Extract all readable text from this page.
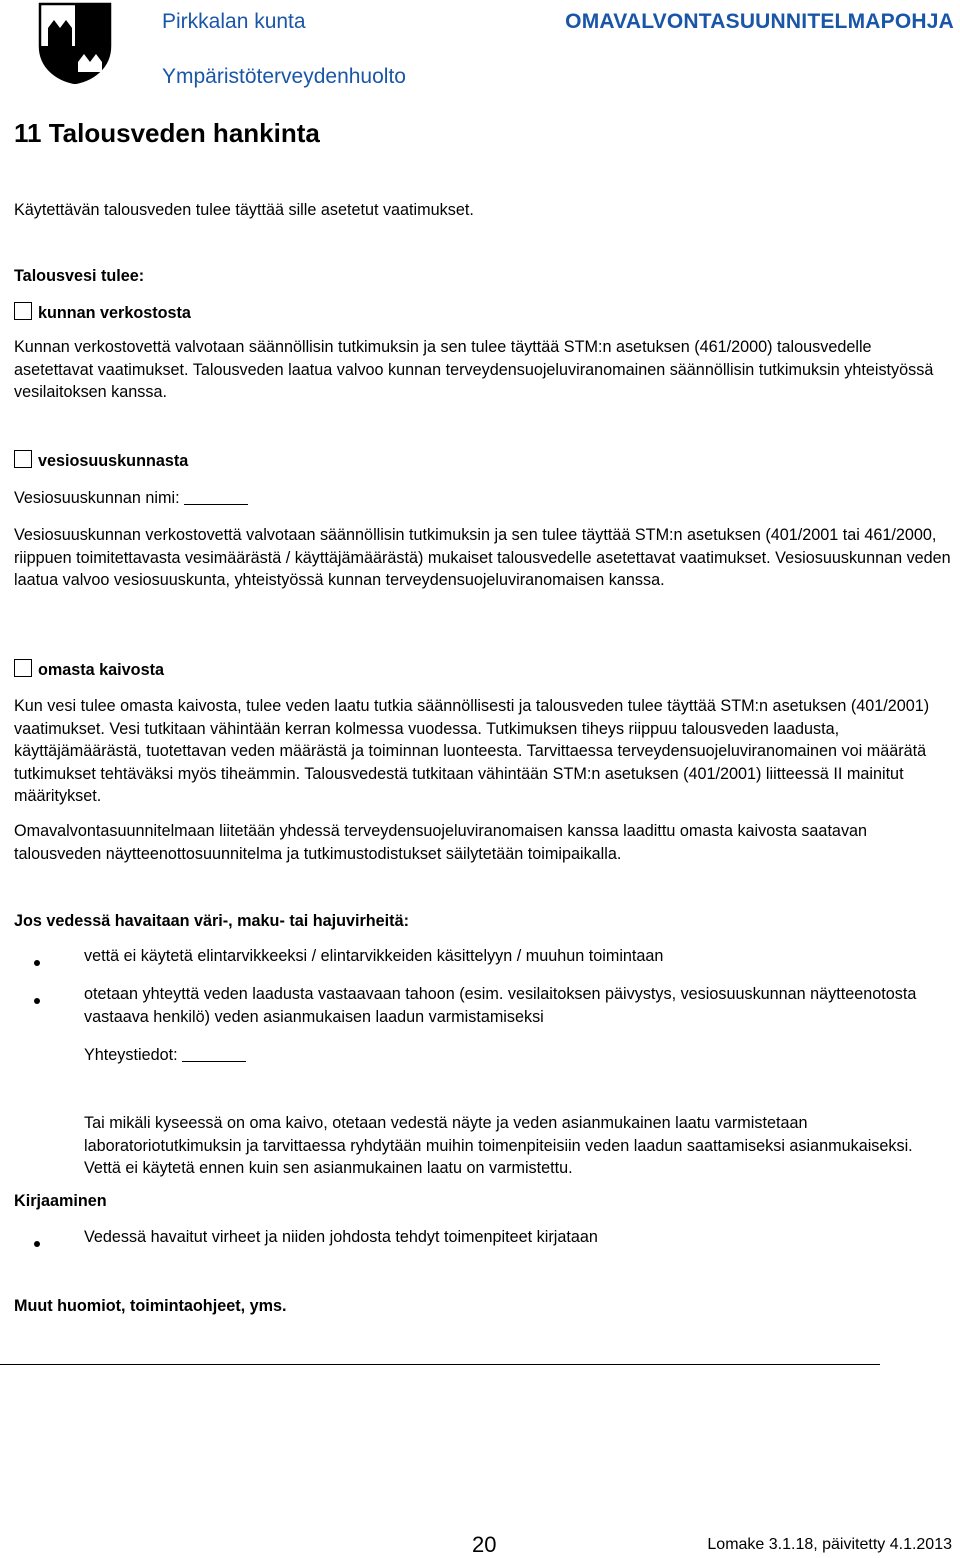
Pirkkalan kunta
Ympäristöterveydenhuolto
OMAVALVONTASUUNNITELMAPOHJA
11 Talousveden hankinta

Käytettävän talousveden tulee täyttää sille asetetut vaatimukset.

Talousvesi tulee:

kunnan verkostosta

Kunnan verkostovettä valvotaan säännöllisin tutkimuksin ja sen tulee täyttää STM:n asetuksen (461/2000) talousvedelle asetettavat vaatimukset. Talousveden laatua valvoo kunnan terveydensuojeluviranomainen säännöllisin tutkimuksin yhteistyössä vesilaitoksen kanssa.

vesiosuuskunnasta
Vesiosuuskunnan nimi:

Vesiosuuskunnan verkostovettä valvotaan säännöllisin tutkimuksin ja sen tulee täyttää STM:n asetuksen (401/2001 tai 461/2000, riippuen toimitettavasta vesimäärästä / käyttäjämäärästä) mukaiset talousvedelle asetettavat vaatimukset. Vesiosuuskunnan veden laatua valvoo vesiosuuskunta, yhteistyössä kunnan terveydensuojeluviranomaisen kanssa.

omasta kaivosta

Kun vesi tulee omasta kaivosta, tulee veden laatu tutkia säännöllisesti ja talousveden tulee täyttää STM:n asetuksen (401/2001) vaatimukset. Vesi tutkitaan vähintään kerran kolmessa vuodessa. Tutkimuksen tiheys riippuu talousveden laadusta, käyttäjämäärästä, tuotettavan veden määrästä ja toiminnan luonteesta. Tarvittaessa terveydensuojeluviranomainen voi määrätä tutkimukset tehtäväksi myös tiheämmin. Talousvedestä tutkitaan vähintään STM:n asetuksen (401/2001) liitteessä II mainitut määritykset.

Omavalvontasuunnitelmaan liitetään yhdessä terveydensuojeluviranomaisen kanssa laadittu omasta kaivosta saatavan talousveden näytteenottosuunnitelma ja tutkimustodistukset säilytetään toimipaikalla.

Jos vedessä havaitaan väri-, maku- tai hajuvirheitä:

vettä ei käytetä elintarvikkeeksi / elintarvikkeiden käsittelyyn / muuhun toimintaan

otetaan yhteyttä veden laadusta vastaavaan tahoon (esim. vesilaitoksen päivystys, vesiosuuskunnan näytteenotosta vastaava henkilö) veden asianmukaisen laadun varmistamiseksi

Yhteystiedot:

Tai mikäli kyseessä on oma kaivo, otetaan vedestä näyte ja veden asianmukainen laatu varmistetaan laboratoriotutkimuksin ja tarvittaessa ryhdytään muihin toimenpiteisiin veden laadun saattamiseksi asianmukaiseksi. Vettä ei käytetä ennen kuin sen asianmukainen laatu on varmistettu.

Kirjaaminen

Vedessä havaitut virheet ja niiden johdosta tehdyt toimenpiteet kirjataan

Muut huomiot, toimintaohjeet, yms.

20	Lomake 3.1.18, päivitetty 4.1.2013
